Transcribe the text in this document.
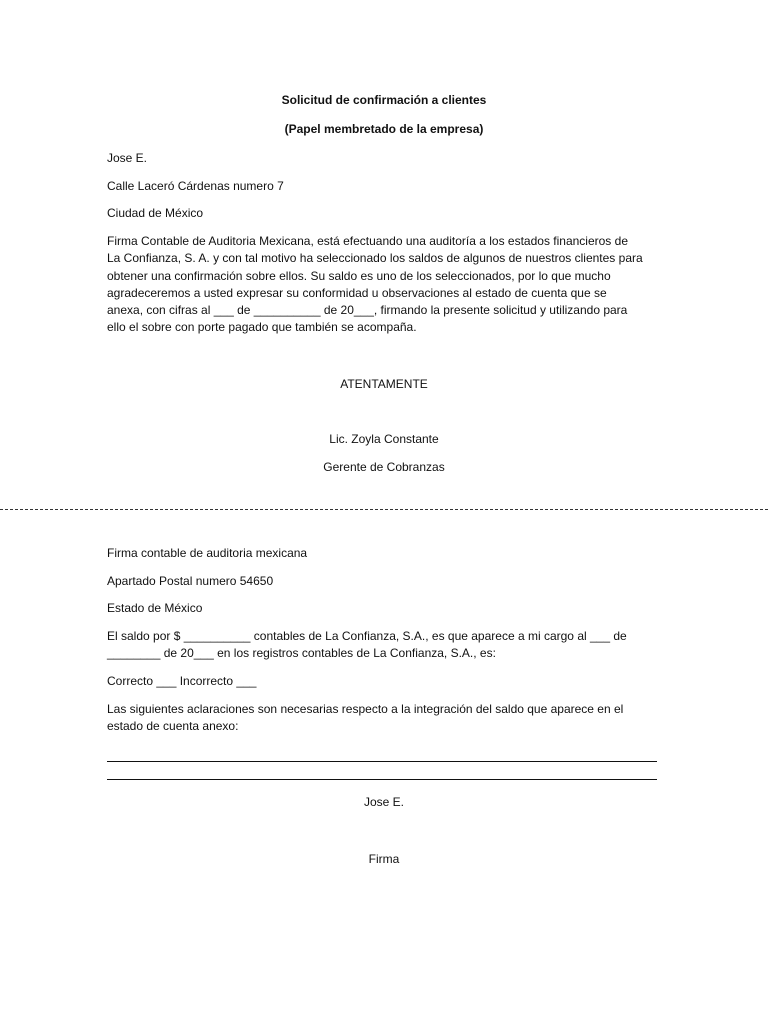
Solicitud de confirmación a clientes
(Papel membretado de la empresa)
Jose E.
Calle Laceró Cárdenas numero 7
Ciudad de México
Firma Contable de Auditoria Mexicana, está efectuando una auditoría a los estados financieros de
La Confianza, S. A. y con tal motivo ha seleccionado los saldos de algunos de nuestros clientes para
obtener una confirmación sobre ellos. Su saldo es uno de los seleccionados, por lo que mucho
agradeceremos a usted expresar su conformidad u observaciones al estado de cuenta que se
anexa, con cifras al ___ de __________ de 20___, firmando la presente solicitud y utilizando para
ello el sobre con porte pagado que también se acompaña.
ATENTAMENTE
Lic. Zoyla Constante
Gerente de Cobranzas
Firma contable de auditoria mexicana
Apartado Postal numero 54650
Estado de México
El saldo por $ __________ contables de La Confianza, S.A., es que aparece a mi cargo al ___ de
________ de 20___ en los registros contables de La Confianza, S.A., es:
Correcto ___ Incorrecto ___
Las siguientes aclaraciones son necesarias respecto a la integración del saldo que aparece en el
estado de cuenta anexo:
Jose E.
Firma
